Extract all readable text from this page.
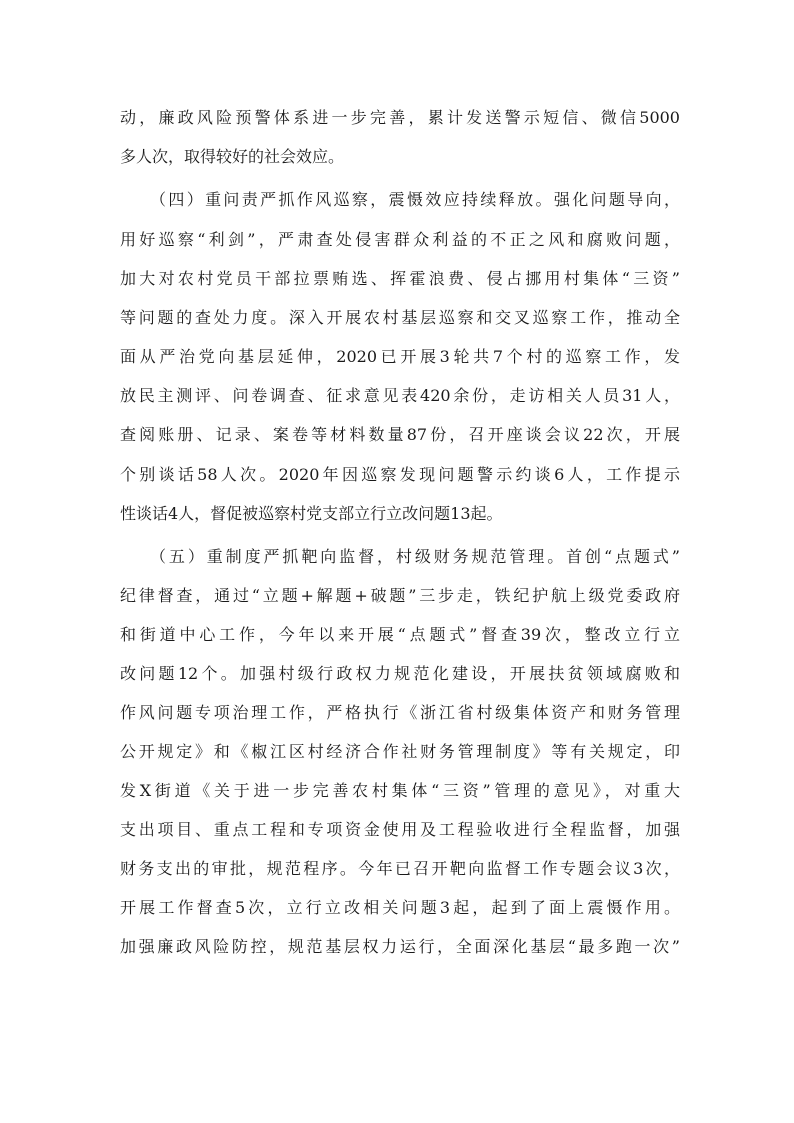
动，廉政风险预警体系进一步完善，累计发送警示短信、微信5000
多人次，取得较好的社会效应。
（四）重问责严抓作风巡察，震慑效应持续释放。强化问题导向，
用好巡察“利剑”，严肃查处侵害群众利益的不正之风和腐败问题，
加大对农村党员干部拉票贿选、挥霍浪费、侵占挪用村集体“三资”
等问题的查处力度。深入开展农村基层巡察和交叉巡察工作，推动全
面从严治党向基层延伸，2020已开展3轮共7个村的巡察工作，发
放民主测评、问卷调查、征求意见表420余份，走访相关人员31人，
查阅账册、记录、案卷等材料数量87份，召开座谈会议22次，开展
个别谈话58人次。2020年因巡察发现问题警示约谈6人，工作提示
性谈话4人，督促被巡察村党支部立行立改问题13起。
（五）重制度严抓靶向监督，村级财务规范管理。首创“点题式”
纪律督查，通过“立题+解题+破题”三步走，铁纪护航上级党委政府
和街道中心工作，今年以来开展“点题式”督查39次，整改立行立
改问题12个。加强村级行政权力规范化建设，开展扶贫领域腐败和
作风问题专项治理工作，严格执行《浙江省村级集体资产和财务管理
公开规定》和《椒江区村经济合作社财务管理制度》等有关规定，印
发X街道《关于进一步完善农村集体“三资”管理的意见》，对重大
支出项目、重点工程和专项资金使用及工程验收进行全程监督，加强
财务支出的审批，规范程序。今年已召开靶向监督工作专题会议3次，
开展工作督查5次，立行立改相关问题3起，起到了面上震慑作用。
加强廉政风险防控，规范基层权力运行，全面深化基层“最多跑一次”
